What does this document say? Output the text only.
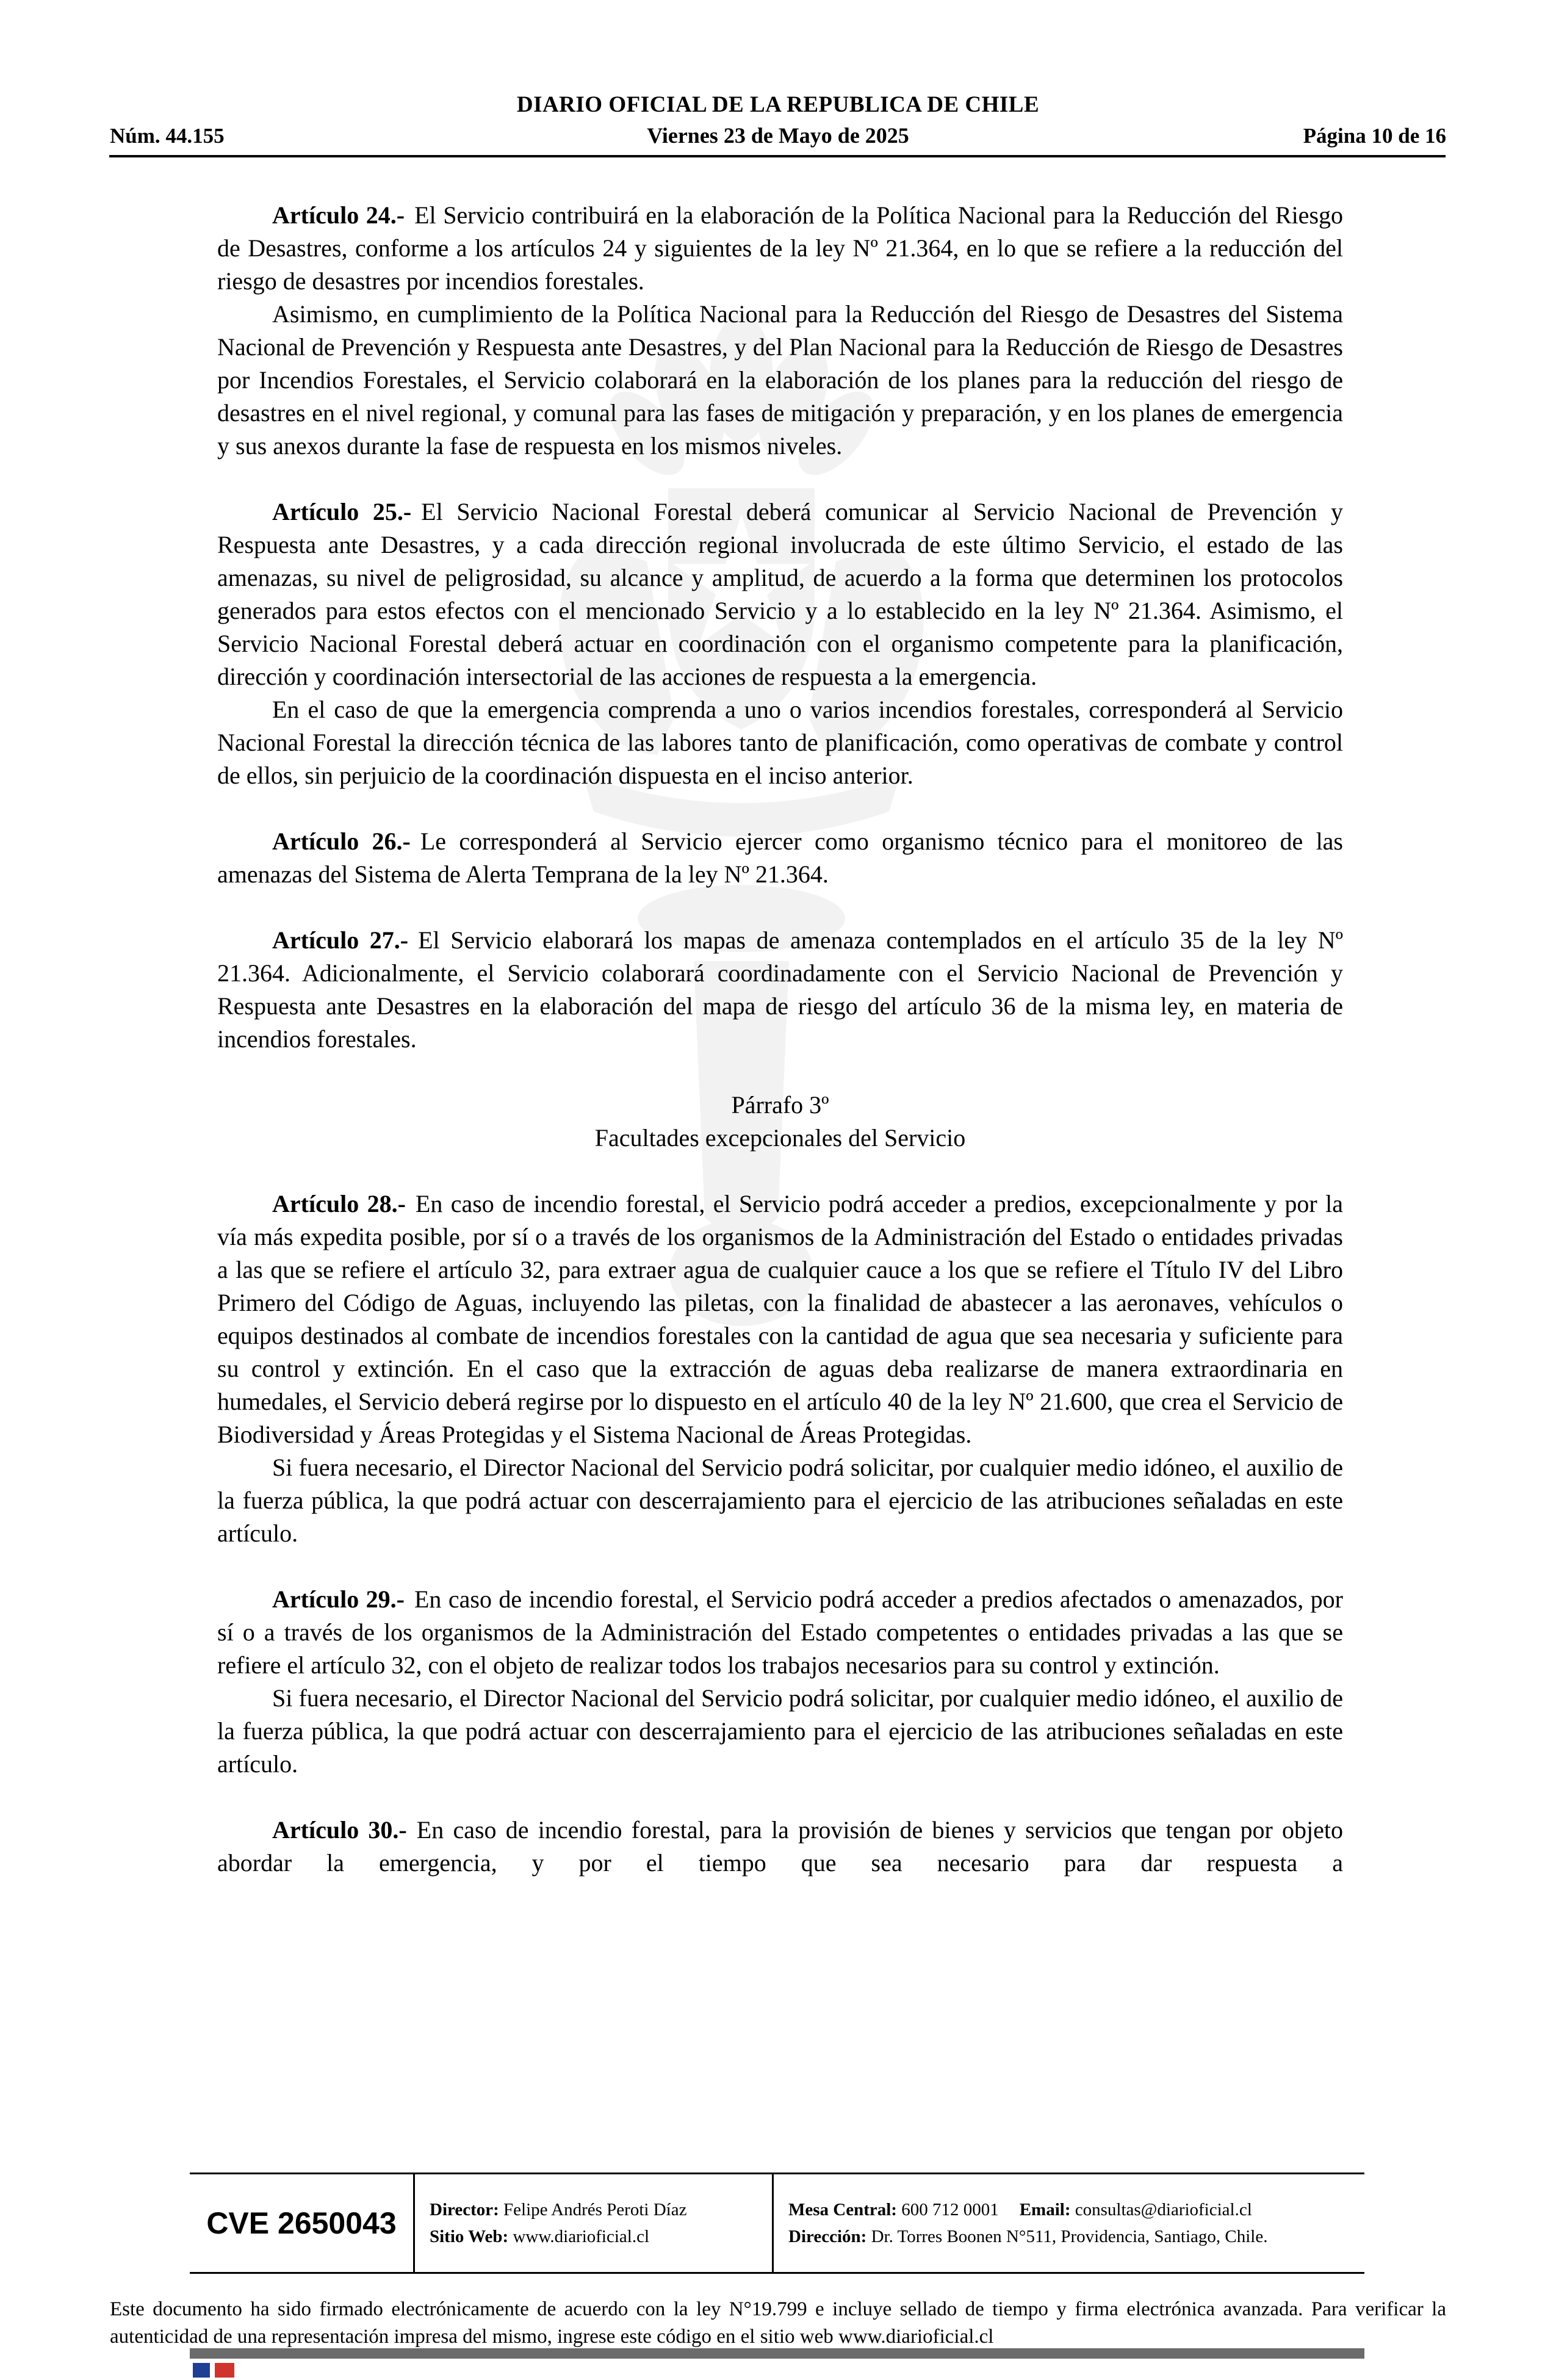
Núm. 44.155
DIARIO OFICIAL DE LA REPUBLICA DE CHILE
Viernes 23 de Mayo de 2025	Página 10 de 16

Artículo 24.- El Servicio contribuirá en la elaboración de la Política Nacional para la Reducción del Riesgo de Desastres, conforme a los artículos 24 y siguientes de la ley Nº 21.364, en lo que se refiere a la reducción del riesgo de desastres por incendios forestales.

Asimismo, en cumplimiento de la Política Nacional para la Reducción del Riesgo de Desastres del Sistema Nacional de Prevención y Respuesta ante Desastres, y del Plan Nacional para la Reducción de Riesgo de Desastres por Incendios Forestales, el Servicio colaborará en la elaboración de los planes para la reducción del riesgo de desastres en el nivel regional, y comunal para las fases de mitigación y preparación, y en los planes de emergencia y sus anexos durante la fase de respuesta en los mismos niveles.

Artículo 25.- El Servicio Nacional Forestal deberá comunicar al Servicio Nacional de Prevención y Respuesta ante Desastres, y a cada dirección regional involucrada de este último Servicio, el estado de las amenazas, su nivel de peligrosidad, su alcance y amplitud, de acuerdo a la forma que determinen los protocolos generados para estos efectos con el mencionado Servicio y a lo establecido en la ley Nº 21.364. Asimismo, el Servicio Nacional Forestal deberá actuar en coordinación con el organismo competente para la planificación, dirección y coordinación intersectorial de las acciones de respuesta a la emergencia.

En el caso de que la emergencia comprenda a uno o varios incendios forestales, corresponderá al Servicio Nacional Forestal la dirección técnica de las labores tanto de planificación, como operativas de combate y control de ellos, sin perjuicio de la coordinación dispuesta en el inciso anterior.

Artículo 26.- Le corresponderá al Servicio ejercer como organismo técnico para el monitoreo de las amenazas del Sistema de Alerta Temprana de la ley Nº 21.364.

Artículo 27.- El Servicio elaborará los mapas de amenaza contemplados en el artículo 35 de la ley Nº 21.364. Adicionalmente, el Servicio colaborará coordinadamente con el Servicio Nacional de Prevención y Respuesta ante Desastres en la elaboración del mapa de riesgo del artículo 36 de la misma ley, en materia de incendios forestales.

Párrafo 3º
Facultades excepcionales del Servicio

Artículo 28.- En caso de incendio forestal, el Servicio podrá acceder a predios, excepcionalmente y por la vía más expedita posible, por sí o a través de los organismos de la Administración del Estado o entidades privadas a las que se refiere el artículo 32, para extraer agua de cualquier cauce a los que se refiere el Título IV del Libro Primero del Código de Aguas, incluyendo las piletas, con la finalidad de abastecer a las aeronaves, vehículos o equipos destinados al combate de incendios forestales con la cantidad de agua que sea necesaria y suficiente para su control y extinción. En el caso que la extracción de aguas deba realizarse de manera extraordinaria en humedales, el Servicio deberá regirse por lo dispuesto en el artículo 40 de la ley Nº 21.600, que crea el Servicio de Biodiversidad y Áreas Protegidas y el Sistema Nacional de Áreas Protegidas.

Si fuera necesario, el Director Nacional del Servicio podrá solicitar, por cualquier medio idóneo, el auxilio de la fuerza pública, la que podrá actuar con descerrajamiento para el ejercicio de las atribuciones señaladas en este artículo.

Artículo 29.- En caso de incendio forestal, el Servicio podrá acceder a predios afectados o amenazados, por sí o a través de los organismos de la Administración del Estado competentes o entidades privadas a las que se refiere el artículo 32, con el objeto de realizar todos los trabajos necesarios para su control y extinción.

Si fuera necesario, el Director Nacional del Servicio podrá solicitar, por cualquier medio idóneo, el auxilio de la fuerza pública, la que podrá actuar con descerrajamiento para el ejercicio de las atribuciones señaladas en este artículo.

Artículo 30.- En caso de incendio forestal, para la provisión de bienes y servicios que tengan por objeto abordar la emergencia, y por el tiempo que sea necesario para dar respuesta a

CVE 2650043	Director: Felipe Andrés Peroti Díaz
Sitio Web: www.diarioficial.cl
Mesa Central: 600 712 0001 Email: consultas@diarioficial.cl
Dirección: Dr. Torres Boonen N°511, Providencia, Santiago, Chile.

Este documento ha sido firmado electrónicamente de acuerdo con la ley N°19.799 e incluye sellado de tiempo y firma electrónica avanzada. Para verificar la autenticidad de una representación impresa del mismo, ingrese este código en el sitio web www.diarioficial.cl
